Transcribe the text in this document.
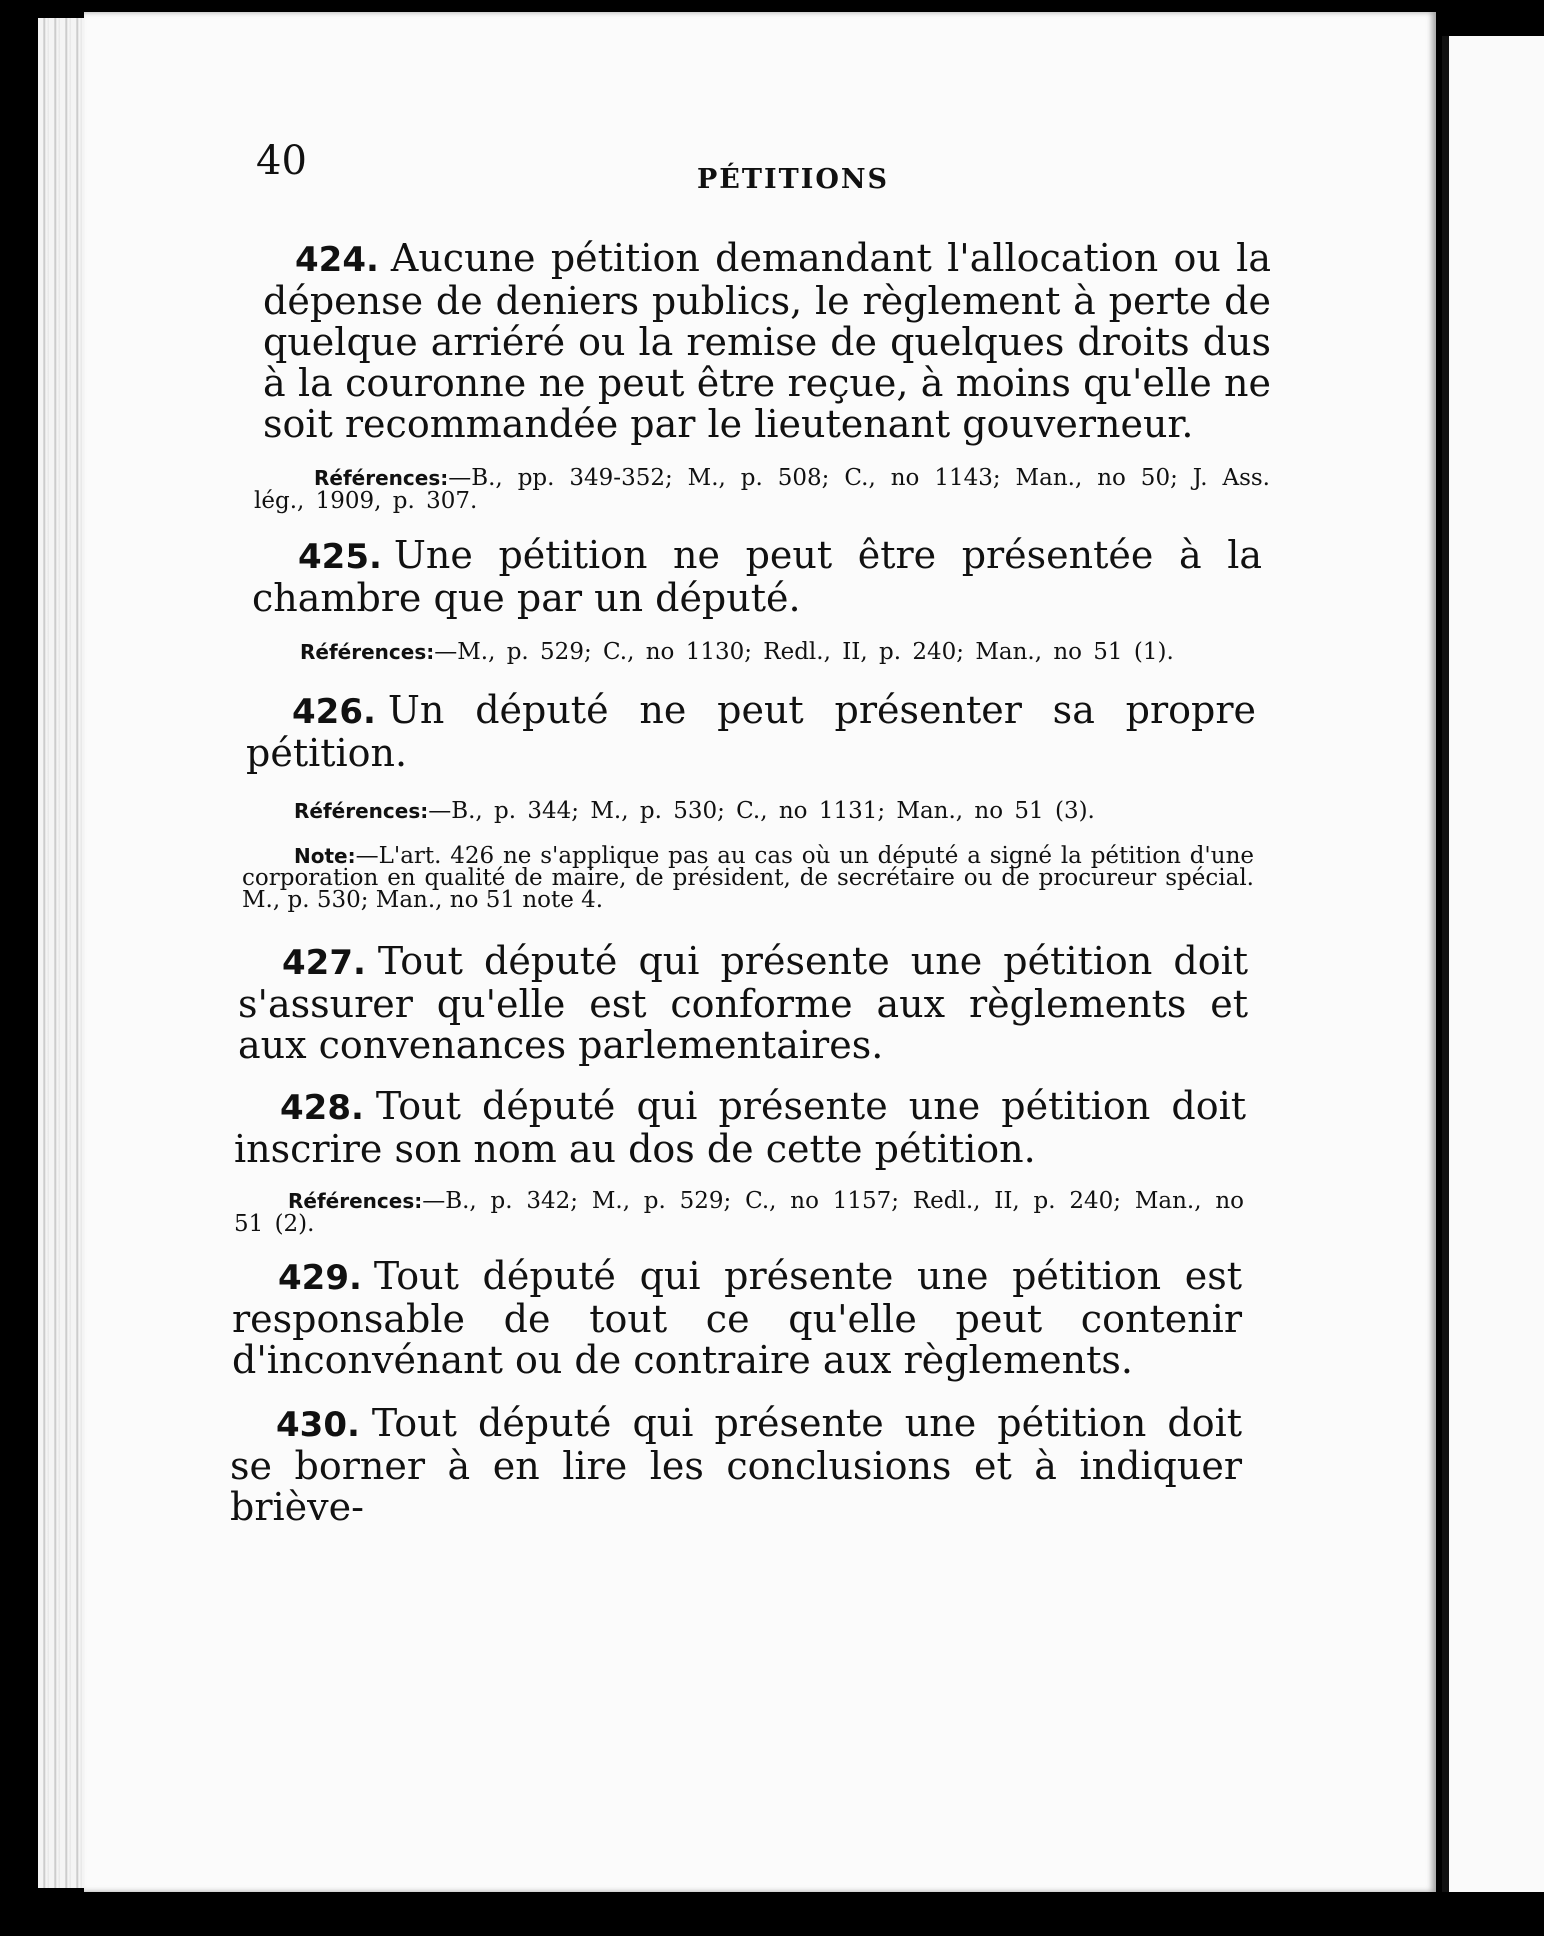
40	PÉTITIONS

424. Aucune pétition demandant l'allocation ou la dépense de deniers publics, le règlement à perte de quelque arriéré ou la remise de quelques droits dus à la couronne ne peut être reçue, à moins qu'elle ne soit recommandée par le lieutenant gouverneur.

Références:—B., pp. 349-352; M., p. 508; C., no 1143; Man., no 50; J. Ass. lég., 1909, p. 307.

425. Une pétition ne peut être présentée à la chambre que par un député.

Références:—M., p. 529; C., no 1130; Redl., II, p. 240; Man., no 51 (1).

426. Un député ne peut présenter sa propre pétition.

Références:—B., p. 344; M., p. 530; C., no 1131; Man., no 51 (3).

Note:—L'art. 426 ne s'applique pas au cas où un député a signé la pétition d'une corporation en qualité de maire, de président, de secrétaire ou de procureur spécial. M., p. 530; Man., no 51 note 4.

427. Tout député qui présente une pétition doit s'assurer qu'elle est conforme aux règlements et aux convenances parlementaires.

428. Tout député qui présente une pétition doit inscrire son nom au dos de cette pétition.

Références:—B., p. 342; M., p. 529; C., no 1157; Redl., II, p. 240; Man., no 51 (2).

429. Tout député qui présente une pétition est responsable de tout ce qu'elle peut contenir d'inconvénant ou de contraire aux règlements.

430. Tout député qui présente une pétition doit se borner à en lire les conclusions et à indiquer briève-
